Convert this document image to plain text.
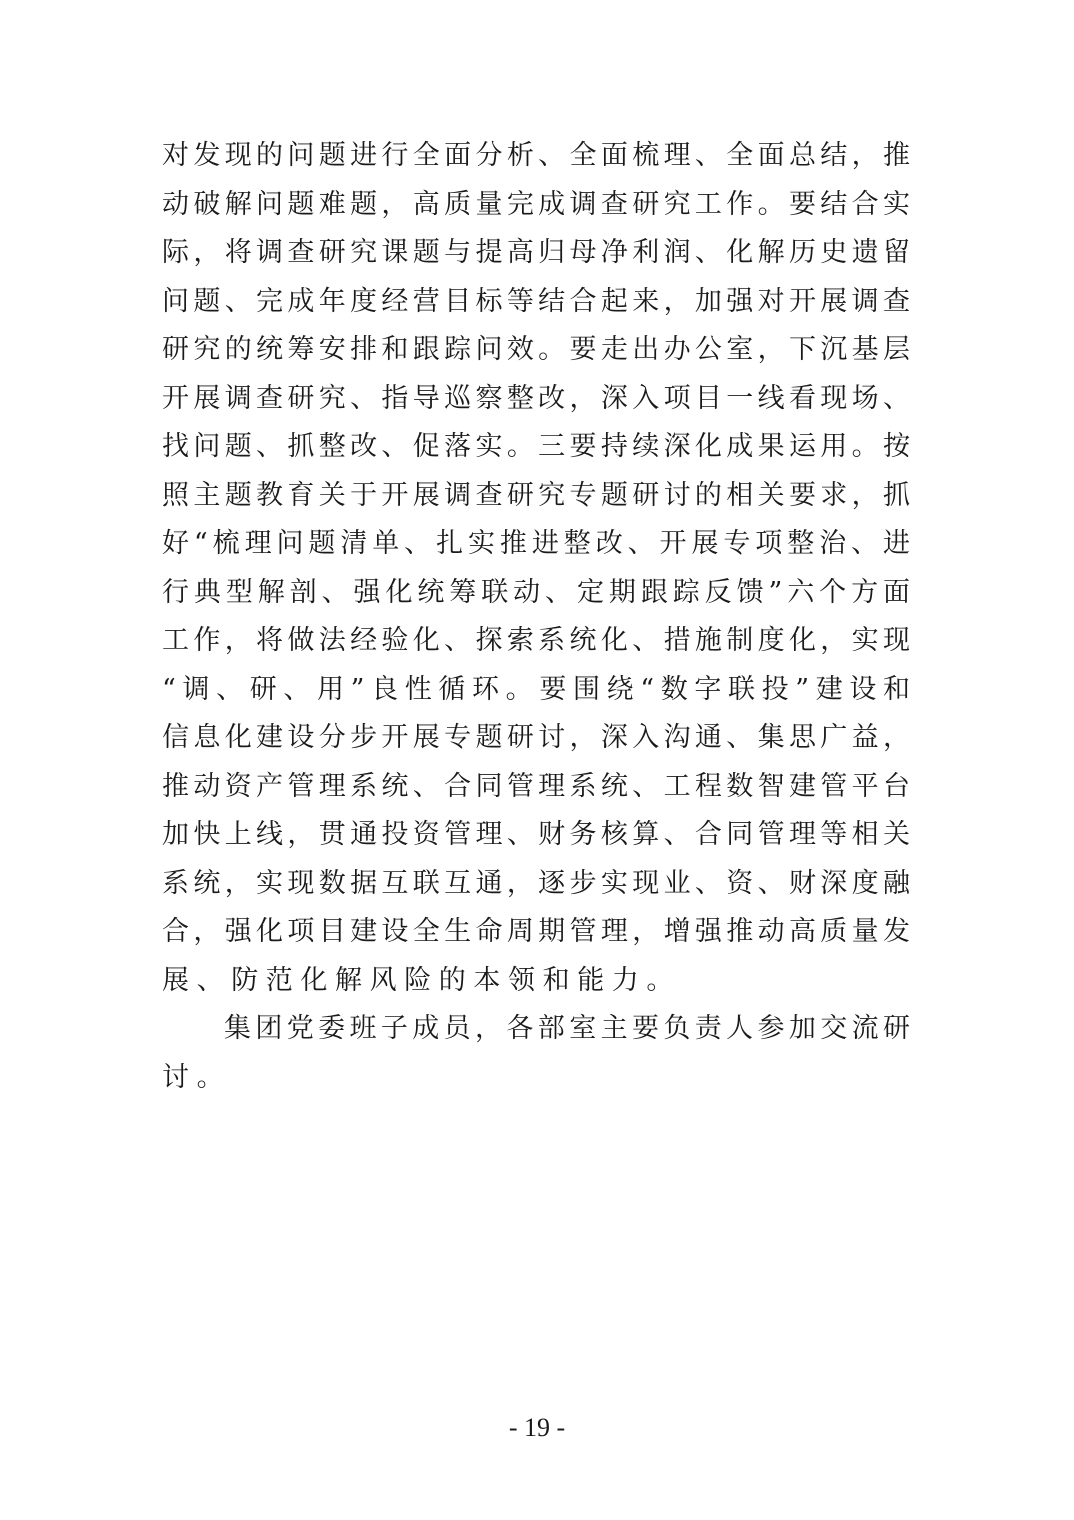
对发现的问题进行全面分析、全面梳理、全面总结，推
动破解问题难题，高质量完成调查研究工作。要结合实
际，将调查研究课题与提高归母净利润、化解历史遗留
问题、完成年度经营目标等结合起来，加强对开展调查
研究的统筹安排和跟踪问效。要走出办公室，下沉基层
开展调查研究、指导巡察整改，深入项目一线看现场、
找问题、抓整改、促落实。三要持续深化成果运用。按
照主题教育关于开展调查研究专题研讨的相关要求，抓
好“梳理问题清单、扎实推进整改、开展专项整治、进
行典型解剖、强化统筹联动、定期跟踪反馈”六个方面
工作，将做法经验化、探索系统化、措施制度化，实现
“调、研、用”良性循环。要围绕“数字联投”建设和
信息化建设分步开展专题研讨，深入沟通、集思广益，
推动资产管理系统、合同管理系统、工程数智建管平台
加快上线，贯通投资管理、财务核算、合同管理等相关
系统，实现数据互联互通，逐步实现业、资、财深度融
合，强化项目建设全生命周期管理，增强推动高质量发
展、防范化解风险的本领和能力。
集团党委班子成员，各部室主要负责人参加交流研
讨。
- 19 -
